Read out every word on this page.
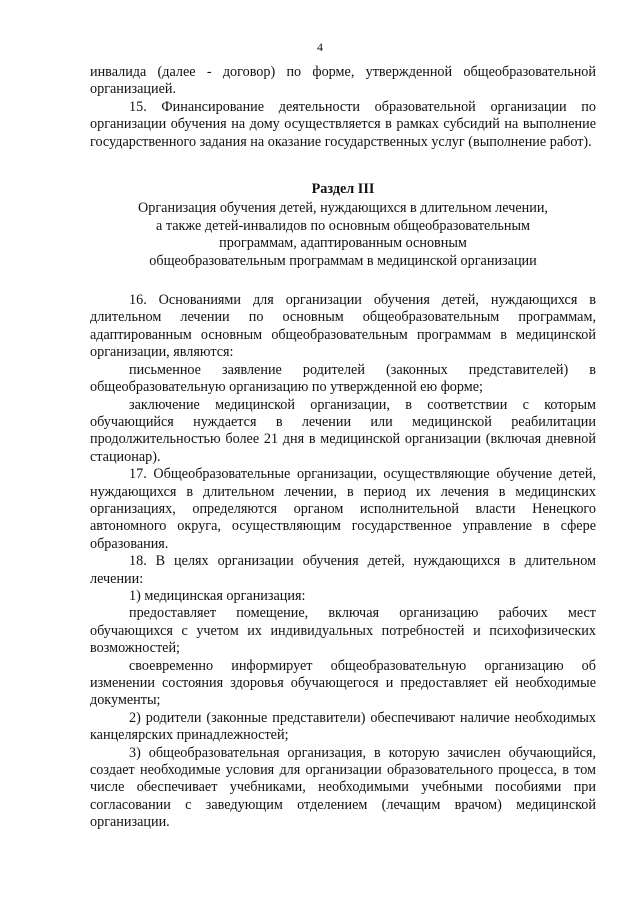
4

инвалида (далее - договор) по форме, утвержденной общеобразовательной организацией.

15. Финансирование деятельности образовательной организации по организации обучения на дому осуществляется в рамках субсидий на выполнение государственного задания на оказание государственных услуг (выполнение работ).

Раздел III
Организация обучения детей, нуждающихся в длительном лечении,
а также детей-инвалидов по основным общеобразовательным
программам, адаптированным основным
общеобразовательным программам в медицинской организации

16. Основаниями для организации обучения детей, нуждающихся в длительном лечении по основным общеобразовательным программам, адаптированным основным общеобразовательным программам в медицинской организации, являются:

письменное заявление родителей (законных представителей) в общеобразовательную организацию по утвержденной ею форме;

заключение медицинской организации, в соответствии с которым обучающийся нуждается в лечении или медицинской реабилитации продолжительностью более 21 дня в медицинской организации (включая дневной стационар).

17. Общеобразовательные организации, осуществляющие обучение детей, нуждающихся в длительном лечении, в период их лечения в медицинских организациях, определяются органом исполнительной власти Ненецкого автономного округа, осуществляющим государственное управление в сфере образования.

18. В целях организации обучения детей, нуждающихся в длительном лечении:

1) медицинская организация:

предоставляет помещение, включая организацию рабочих мест обучающихся с учетом их индивидуальных потребностей и психофизических возможностей;

своевременно информирует общеобразовательную организацию об изменении состояния здоровья обучающегося и предоставляет ей необходимые документы;

2) родители (законные представители) обеспечивают наличие необходимых канцелярских принадлежностей;

3) общеобразовательная организация, в которую зачислен обучающийся, создает необходимые условия для организации образовательного процесса, в том числе обеспечивает учебниками, необходимыми учебными пособиями при согласовании с заведующим отделением (лечащим врачом) медицинской организации.
